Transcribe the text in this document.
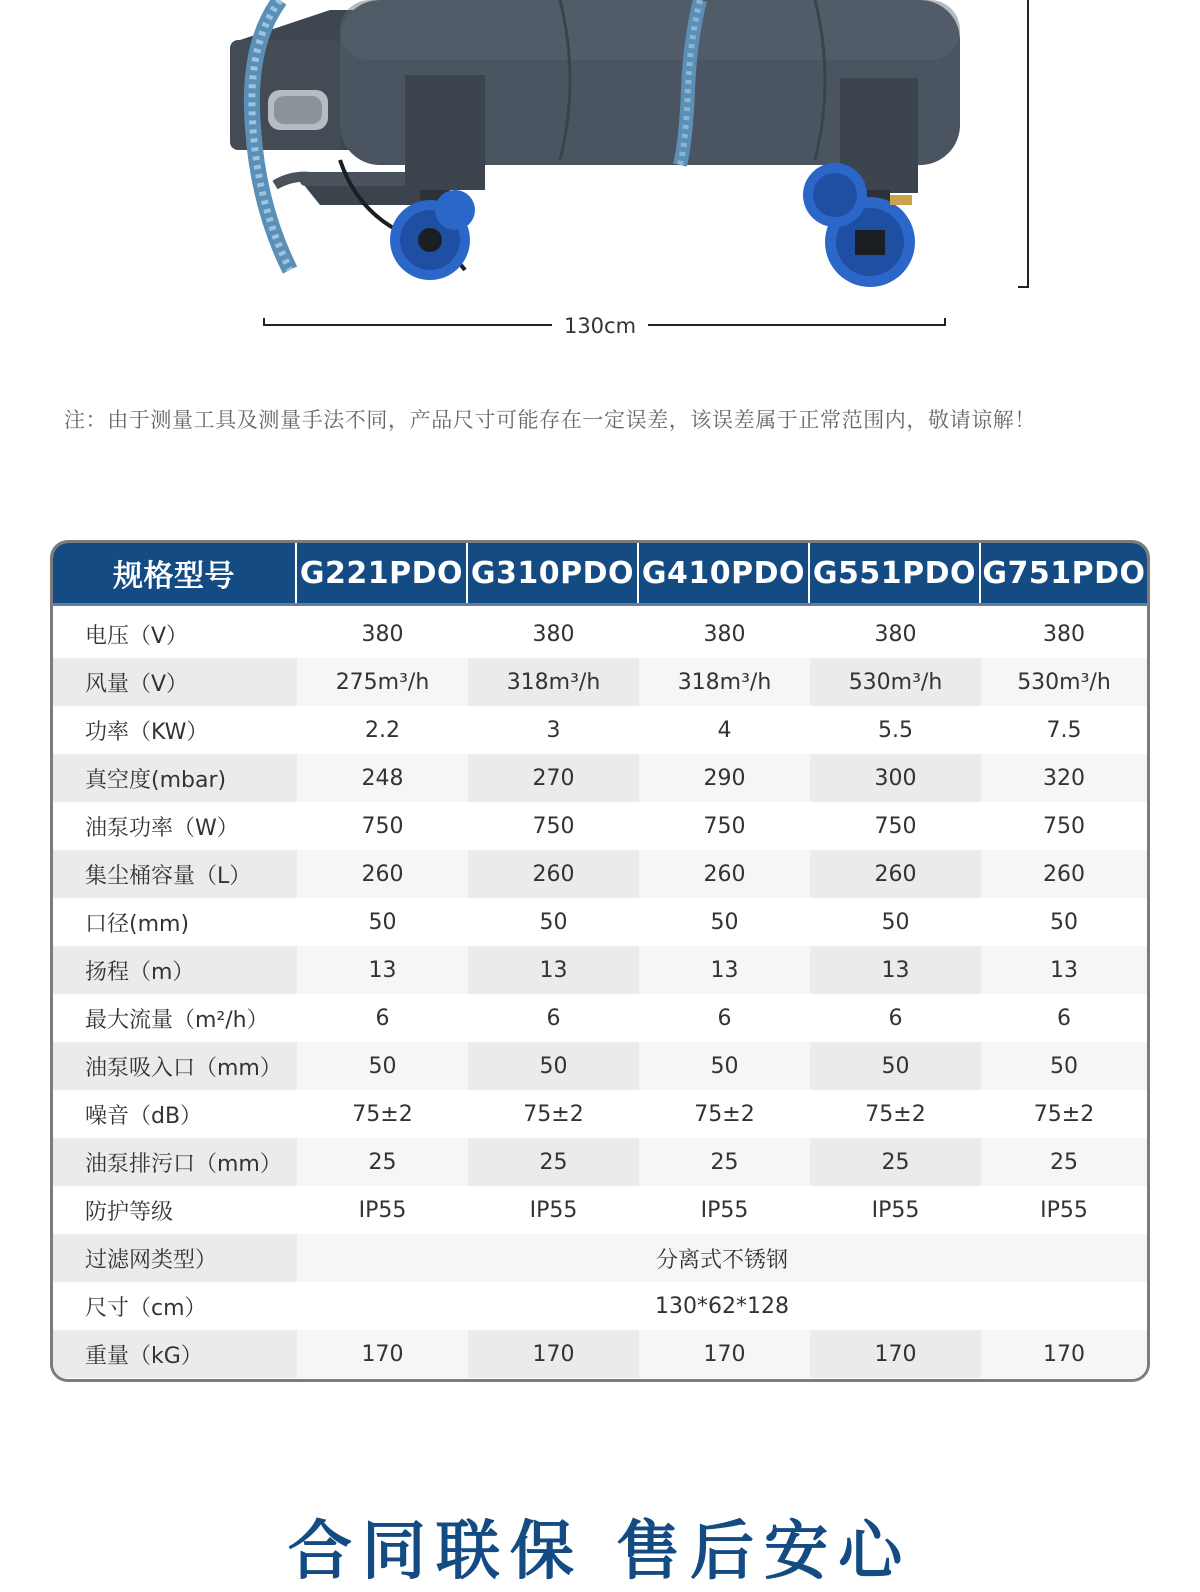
130cm
注：由于测量工具及测量手法不同，产品尺寸可能存在一定误差，该误差属于正常范围内，敬请谅解！
规格型号	G221PDO G310PDO G410PDO G551PDO G751PDO
电压（V）	380	380	380	380	380
风量（V）	275m³/h	318m³/h	318m³/h	530m³/h	530m³/h
功率（KW）	2.2	3	4	5.5	7.5
真空度(mbar)	248	270	290	300	320
油泵功率（W）	750	750	750	750	750
集尘桶容量（L）	260	260	260	260	260
口径(mm)	50	50	50	50	50
扬程（m）	13	13	13	13	13
最大流量（m²/h）	6	6	6	6	6
油泵吸入口（mm）	50	50	50	50	50
噪音（dB）	75±2	75±2	75±2	75±2	75±2
油泵排污口（mm）	25	25	25	25	25
防护等级	IP55	IP55	IP55	IP55	IP55
过滤网类型）	分离式不锈钢
尺寸（cm）	130*62*128
重量（kG）	170	170	170	170	170
合同联保 售后安心
